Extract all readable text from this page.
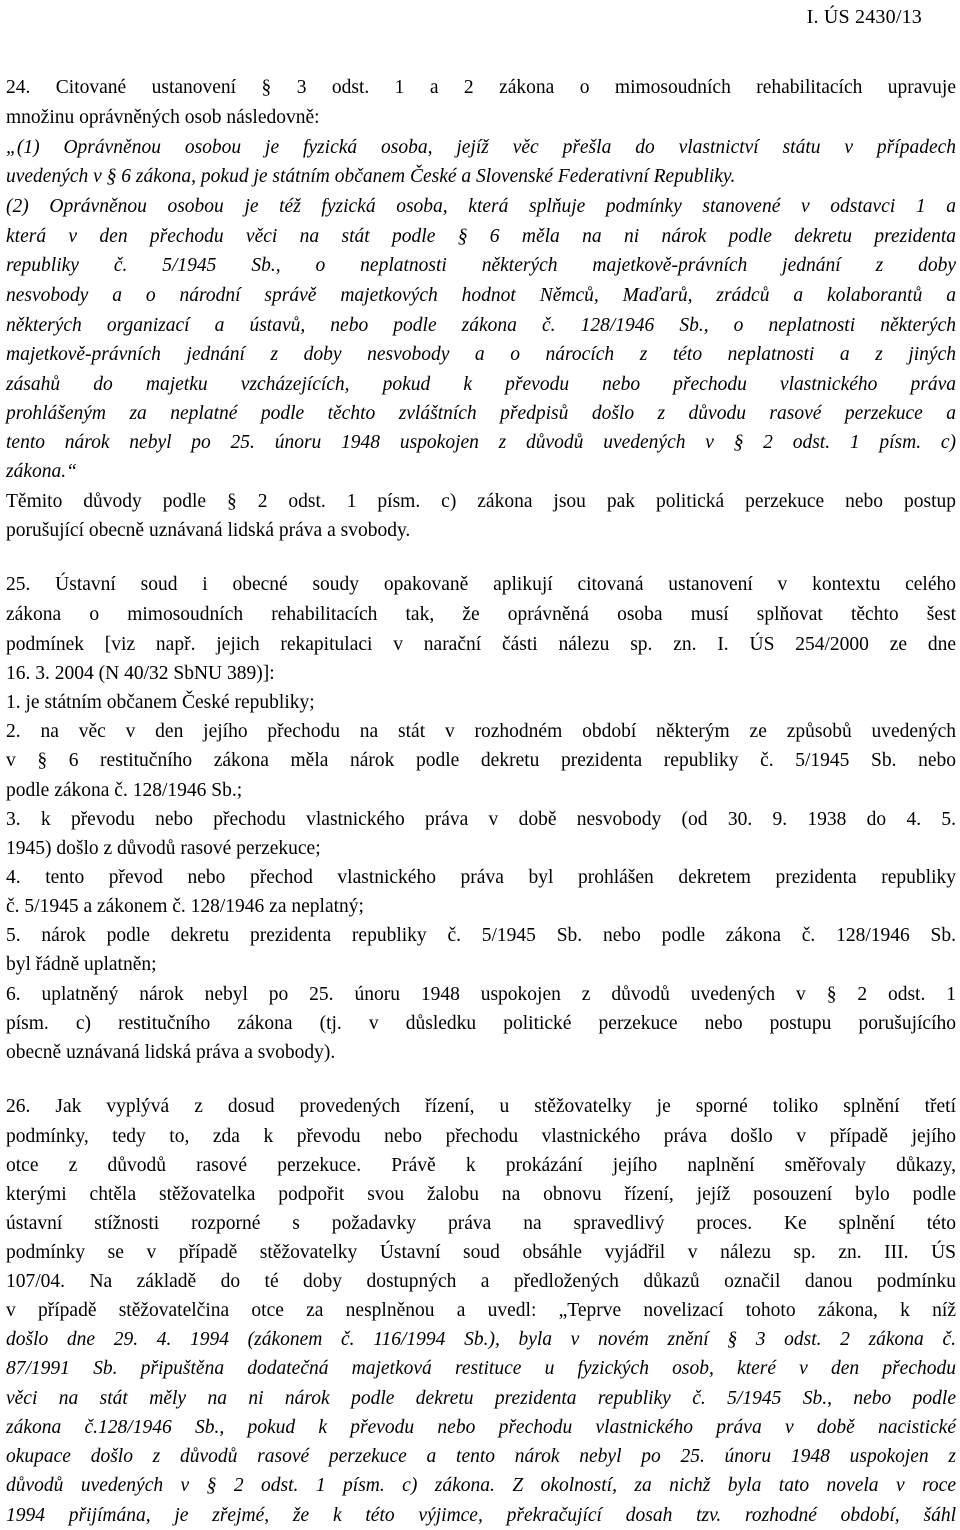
I. ÚS 2430/13
24. Citované ustanovení § 3 odst. 1 a 2 zákona o mimosoudních rehabilitacích upravuje
množinu oprávněných osob následovně:
„(1) Oprávněnou osobou je fyzická osoba, jejíž věc přešla do vlastnictví státu v případech
uvedených v § 6 zákona, pokud je státním občanem České a Slovenské Federativní Republiky.
(2) Oprávněnou osobou je též fyzická osoba, která splňuje podmínky stanovené v odstavci 1 a
která v den přechodu věci na stát podle § 6 měla na ni nárok podle dekretu prezidenta
republiky č. 5/1945 Sb., o neplatnosti některých majetkově-právních jednání z doby
nesvobody a o národní správě majetkových hodnot Němců, Maďarů, zrádců a kolaborantů a
některých organizací a ústavů, nebo podle zákona č. 128/1946 Sb., o neplatnosti některých
majetkově-právních jednání z doby nesvobody a o nárocích z této neplatnosti a z jiných
zásahů do majetku vzcházejících, pokud k převodu nebo přechodu vlastnického práva
prohlášeným za neplatné podle těchto zvláštních předpisů došlo z důvodu rasové perzekuce a
tento nárok nebyl po 25. únoru 1948 uspokojen z důvodů uvedených v § 2 odst. 1 písm. c)
zákona.“
Těmito důvody podle § 2 odst. 1 písm. c) zákona jsou pak politická perzekuce nebo postup
porušující obecně uznávaná lidská práva a svobody.
25. Ústavní soud i obecné soudy opakovaně aplikují citovaná ustanovení v kontextu celého
zákona o mimosoudních rehabilitacích tak, že oprávněná osoba musí splňovat těchto šest
podmínek [viz např. jejich rekapitulaci v narační části nálezu sp. zn. I. ÚS 254/2000 ze dne
16. 3. 2004 (N 40/32 SbNU 389)]:
1. je státním občanem České republiky;
2. na věc v den jejího přechodu na stát v rozhodném období některým ze způsobů uvedených
v § 6 restitučního zákona měla nárok podle dekretu prezidenta republiky č. 5/1945 Sb. nebo
podle zákona č. 128/1946 Sb.;
3. k převodu nebo přechodu vlastnického práva v době nesvobody (od 30. 9. 1938 do 4. 5.
1945) došlo z důvodů rasové perzekuce;
4. tento převod nebo přechod vlastnického práva byl prohlášen dekretem prezidenta republiky
č. 5/1945 a zákonem č. 128/1946 za neplatný;
5. nárok podle dekretu prezidenta republiky č. 5/1945 Sb. nebo podle zákona č. 128/1946 Sb.
byl řádně uplatněn;
6. uplatněný nárok nebyl po 25. únoru 1948 uspokojen z důvodů uvedených v § 2 odst. 1
písm. c) restitučního zákona (tj. v důsledku politické perzekuce nebo postupu porušujícího
obecně uznávaná lidská práva a svobody).
26. Jak vyplývá z dosud provedených řízení, u stěžovatelky je sporné toliko splnění třetí
podmínky, tedy to, zda k převodu nebo přechodu vlastnického práva došlo v případě jejího
otce z důvodů rasové perzekuce. Právě k prokázání jejího naplnění směřovaly důkazy,
kterými chtěla stěžovatelka podpořit svou žalobu na obnovu řízení, jejíž posouzení bylo podle
ústavní stížnosti rozporné s požadavky práva na spravedlivý proces. Ke splnění této
podmínky se v případě stěžovatelky Ústavní soud obsáhle vyjádřil v nálezu sp. zn. III. ÚS
107/04. Na základě do té doby dostupných a předložených důkazů označil danou podmínku
v případě stěžovatelčina otce za nesplněnou a uvedl: „Teprve novelizací tohoto zákona, k níž
došlo dne 29. 4. 1994 (zákonem č. 116/1994 Sb.), byla v novém znění § 3 odst. 2 zákona č.
87/1991 Sb. připuštěna dodatečná majetková restituce u fyzických osob, které v den přechodu
věci na stát měly na ni nárok podle dekretu prezidenta republiky č. 5/1945 Sb., nebo podle
zákona č.128/1946 Sb., pokud k převodu nebo přechodu vlastnického práva v době nacistické
okupace došlo z důvodů rasové perzekuce a tento nárok nebyl po 25. únoru 1948 uspokojen z
důvodů uvedených v § 2 odst. 1 písm. c) zákona. Z okolností, za nichž byla tato novela v roce
1994 přijímána, je zřejmé, že k této výjimce, překračující dosah tzv. rozhodné období, šáhl
